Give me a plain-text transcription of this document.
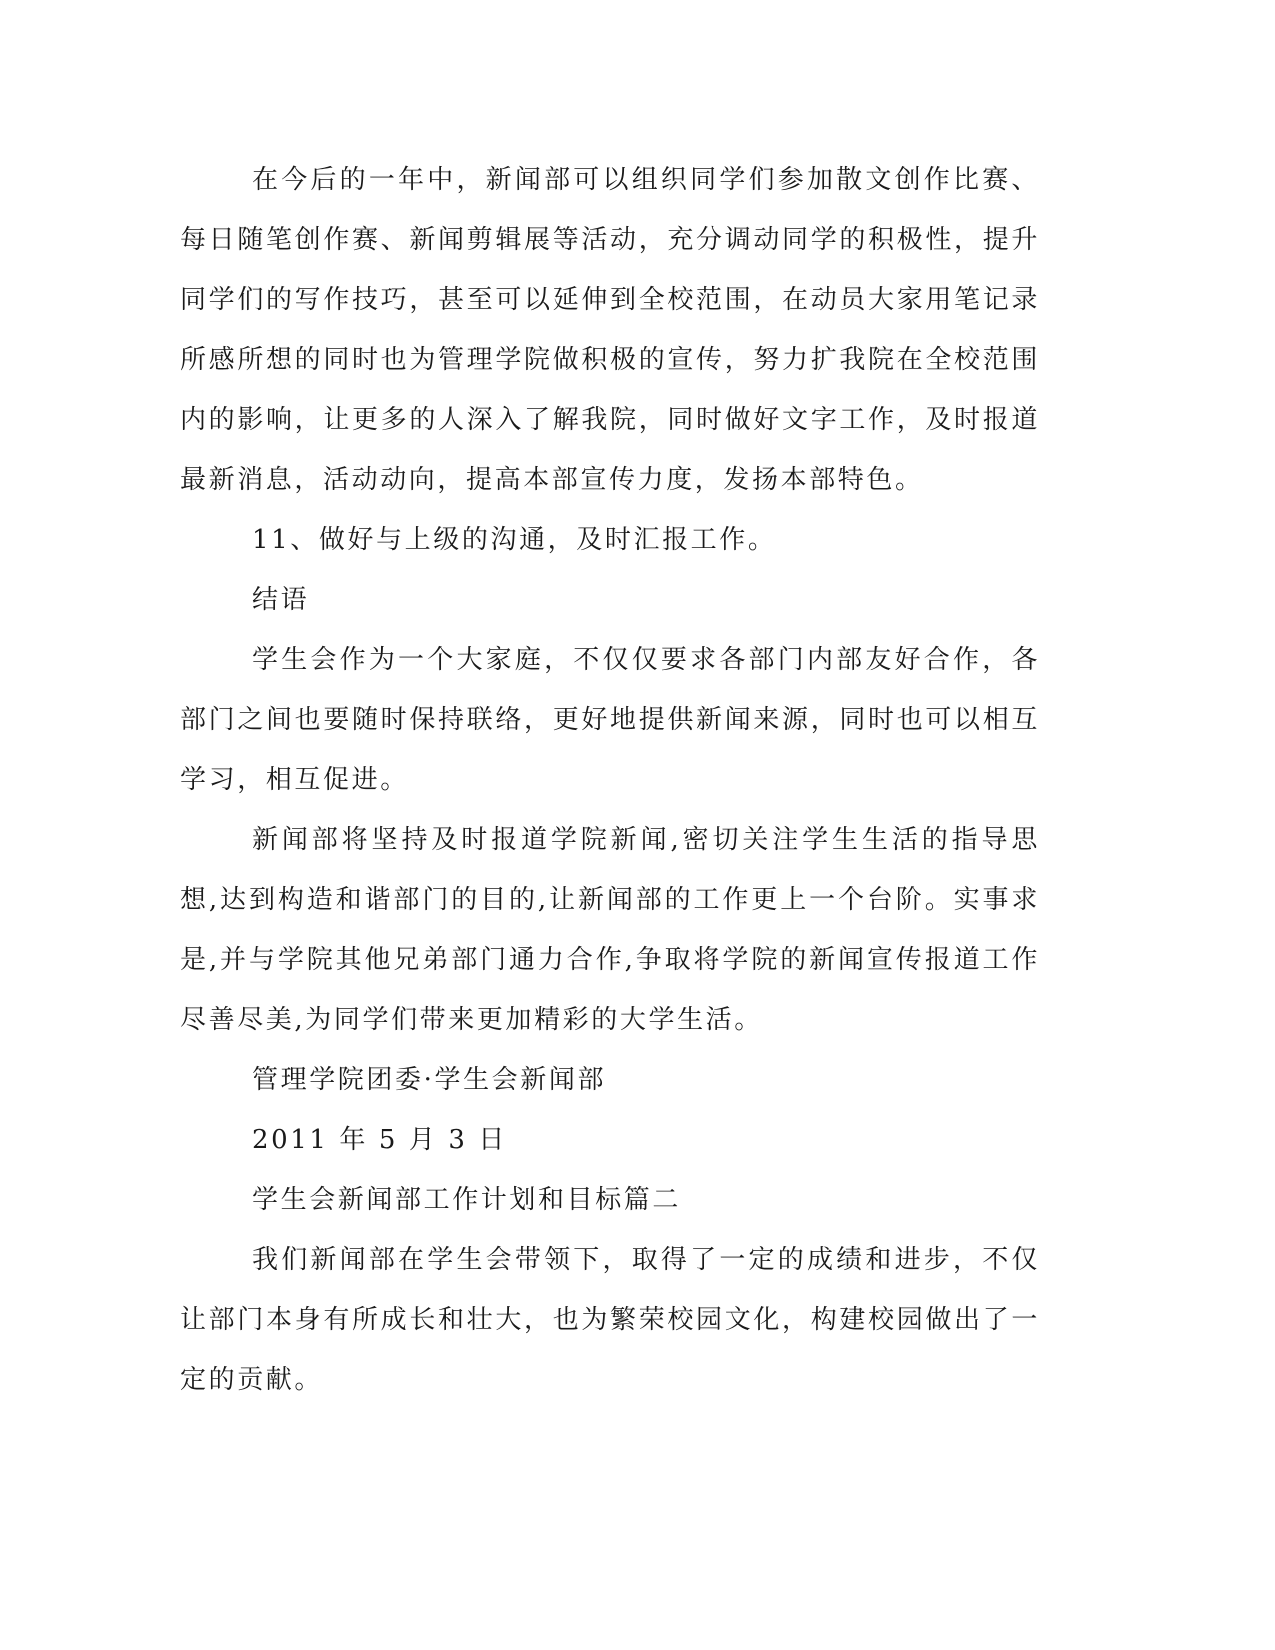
在今后的一年中，新闻部可以组织同学们参加散文创作比赛、每日随笔创作赛、新闻剪辑展等活动，充分调动同学的积极性，提升同学们的写作技巧，甚至可以延伸到全校范围，在动员大家用笔记录所感所想的同时也为管理学院做积极的宣传，努力扩我院在全校范围内的影响，让更多的人深入了解我院，同时做好文字工作，及时报道最新消息，活动动向，提高本部宣传力度，发扬本部特色。

11、做好与上级的沟通，及时汇报工作。

结语

学生会作为一个大家庭，不仅仅要求各部门内部友好合作，各部门之间也要随时保持联络，更好地提供新闻来源，同时也可以相互学习，相互促进。

新闻部将坚持及时报道学院新闻,密切关注学生生活的指导思想,达到构造和谐部门的目的,让新闻部的工作更上一个台阶。实事求是,并与学院其他兄弟部门通力合作,争取将学院的新闻宣传报道工作尽善尽美,为同学们带来更加精彩的大学生活。

管理学院团委·学生会新闻部

2011 年 5 月 3 日

学生会新闻部工作计划和目标篇二

我们新闻部在学生会带领下，取得了一定的成绩和进步，不仅让部门本身有所成长和壮大，也为繁荣校园文化，构建校园做出了一定的贡献。
